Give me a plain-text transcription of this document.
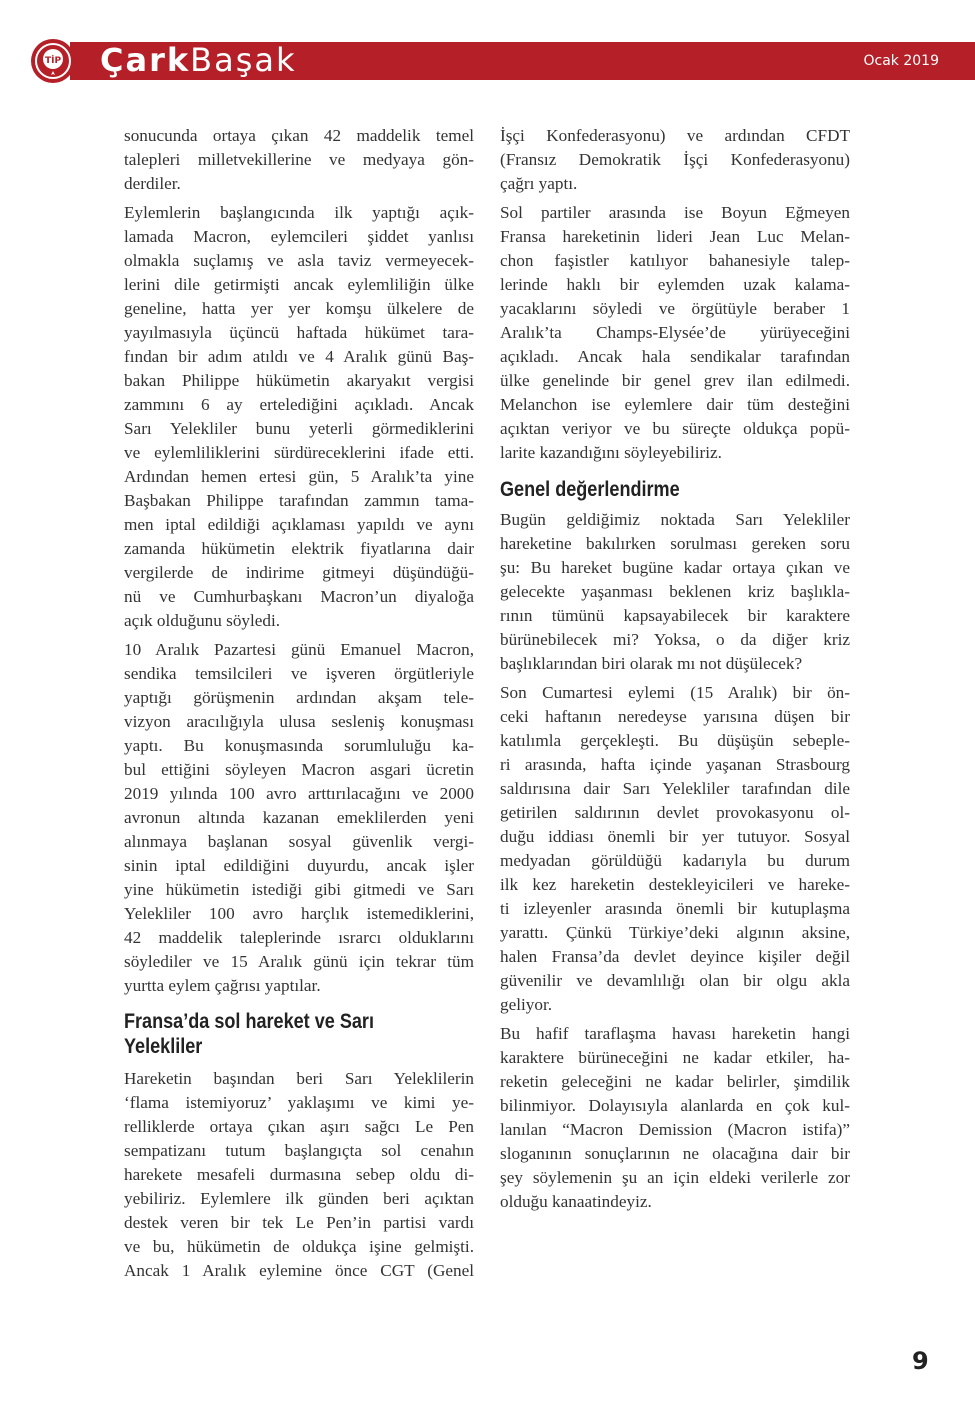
TİP ÇarkBaşak	Ocak 2019
sonucunda ortaya çıkan 42 maddelik temel
talepleri milletvekillerine ve medyaya gön-
derdiler.
Eylemlerin başlangıcında ilk yaptığı açık-
lamada Macron, eylemcileri şiddet yanlısı
olmakla suçlamış ve asla taviz vermeyecek-
lerini dile getirmişti ancak eylemliliğin ülke
geneline, hatta yer yer komşu ülkelere de
yayılmasıyla üçüncü haftada hükümet tara-
fından bir adım atıldı ve 4 Aralık günü Baş-
bakan Philippe hükümetin akaryakıt vergisi
zammını 6 ay ertelediğini açıkladı. Ancak
Sarı Yelekliler bunu yeterli görmediklerini
ve eylemliliklerini sürdüreceklerini ifade etti.
Ardından hemen ertesi gün, 5 Aralık’ta yine
Başbakan Philippe tarafından zammın tama-
men iptal edildiği açıklaması yapıldı ve aynı
zamanda hükümetin elektrik fiyatlarına dair
vergilerde de indirime gitmeyi düşündüğü-
nü ve Cumhurbaşkanı Macron’un diyaloğa
açık olduğunu söyledi.
10 Aralık Pazartesi günü Emanuel Macron,
sendika temsilcileri ve işveren örgütleriyle
yaptığı görüşmenin ardından akşam tele-
vizyon aracılığıyla ulusa sesleniş konuşması
yaptı. Bu konuşmasında sorumluluğu ka-
bul ettiğini söyleyen Macron asgari ücretin
2019 yılında 100 avro arttırılacağını ve 2000
avronun altında kazanan emeklilerden yeni
alınmaya başlanan sosyal güvenlik vergi-
sinin iptal edildiğini duyurdu, ancak işler
yine hükümetin istediği gibi gitmedi ve Sarı
Yelekliler 100 avro harçlık istemediklerini,
42 maddelik taleplerinde ısrarcı olduklarını
söylediler ve 15 Aralık günü için tekrar tüm
yurtta eylem çağrısı yaptılar.
Fransa’da sol hareket ve Sarı
Yelekliler
Hareketin başından beri Sarı Yeleklilerin
‘flama istemiyoruz’ yaklaşımı ve kimi ye-
relliklerde ortaya çıkan aşırı sağcı Le Pen
sempatizanı tutum başlangıçta sol cenahın
harekete mesafeli durmasına sebep oldu di-
yebiliriz. Eylemlere ilk günden beri açıktan
destek veren bir tek Le Pen’in partisi vardı
ve bu, hükümetin de oldukça işine gelmişti.
Ancak 1 Aralık eylemine önce CGT (Genel
İşçi Konfederasyonu) ve ardından CFDT
(Fransız Demokratik İşçi Konfederasyonu)
çağrı yaptı.
Sol partiler arasında ise Boyun Eğmeyen
Fransa hareketinin lideri Jean Luc Melan-
chon faşistler katılıyor bahanesiyle talep-
lerinde haklı bir eylemden uzak kalama-
yacaklarını söyledi ve örgütüyle beraber 1
Aralık’ta Champs-Elysée’de yürüyeceğini
açıkladı. Ancak hala sendikalar tarafından
ülke genelinde bir genel grev ilan edilmedi.
Melanchon ise eylemlere dair tüm desteğini
açıktan veriyor ve bu süreçte oldukça popü-
larite kazandığını söyleyebiliriz.
Genel değerlendirme
Bugün geldiğimiz noktada Sarı Yelekliler
hareketine bakılırken sorulması gereken soru
şu: Bu hareket bugüne kadar ortaya çıkan ve
gelecekte yaşanması beklenen kriz başlıkla-
rının tümünü kapsayabilecek bir karaktere
bürünebilecek mi? Yoksa, o da diğer kriz
başlıklarından biri olarak mı not düşülecek?
Son Cumartesi eylemi (15 Aralık) bir ön-
ceki haftanın neredeyse yarısına düşen bir
katılımla gerçekleşti. Bu düşüşün sebeple-
ri arasında, hafta içinde yaşanan Strasbourg
saldırısına dair Sarı Yelekliler tarafından dile
getirilen saldırının devlet provokasyonu ol-
duğu iddiası önemli bir yer tutuyor. Sosyal
medyadan görüldüğü kadarıyla bu durum
ilk kez hareketin destekleyicileri ve hareke-
ti izleyenler arasında önemli bir kutuplaşma
yarattı. Çünkü Türkiye’deki algının aksine,
halen Fransa’da devlet deyince kişiler değil
güvenilir ve devamlılığı olan bir olgu akla
geliyor.
Bu hafif taraflaşma havası hareketin hangi
karaktere bürüneceğini ne kadar etkiler, ha-
reketin geleceğini ne kadar belirler, şimdilik
bilinmiyor. Dolayısıyla alanlarda en çok kul-
lanılan “Macron Demission (Macron istifa)”
sloganının sonuçlarının ne olacağına dair bir
şey söylemenin şu an için eldeki verilerle zor
olduğu kanaatindeyiz.
9
